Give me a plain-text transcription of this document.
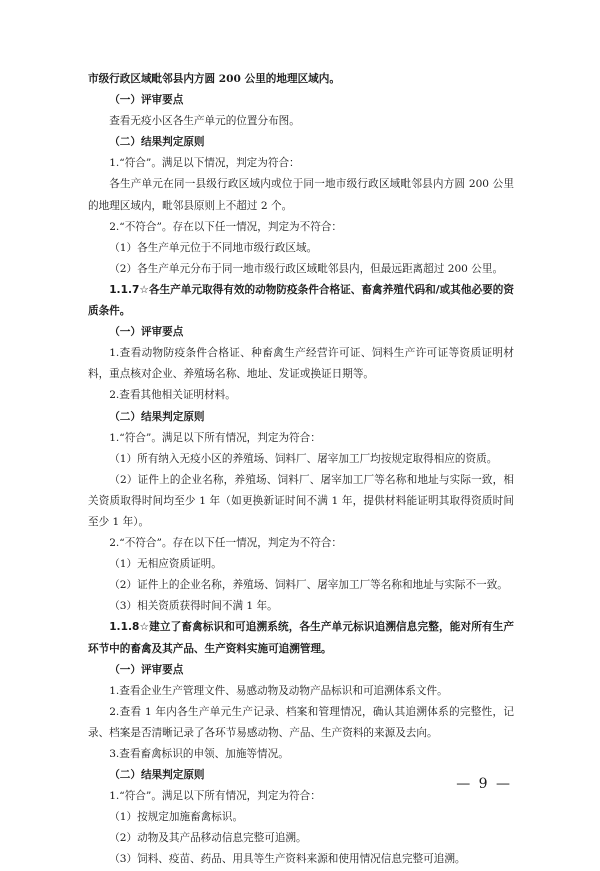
市级行政区域毗邻县内方圆 200 公里的地理区域内。

（一）评审要点

查看无疫小区各生产单元的位置分布图。

（二）结果判定原则

1.“符合”。满足以下情况，判定为符合：

各生产单元在同一县级行政区域内或位于同一地市级行政区域毗邻县内方圆 200 公里的地理区域内，毗邻县原则上不超过 2 个。

2.“不符合”。存在以下任一情况，判定为不符合：

（1）各生产单元位于不同地市级行政区域。

（2）各生产单元分布于同一地市级行政区域毗邻县内，但最远距离超过 200 公里。

1.1.7☆各生产单元取得有效的动物防疫条件合格证、畜禽养殖代码和/或其他必要的资质条件。

（一）评审要点

1.查看动物防疫条件合格证、种畜禽生产经营许可证、饲料生产许可证等资质证明材料，重点核对企业、养殖场名称、地址、发证或换证日期等。

2.查看其他相关证明材料。

（二）结果判定原则

1.“符合”。满足以下所有情况，判定为符合：

（1）所有纳入无疫小区的养殖场、饲料厂、屠宰加工厂均按规定取得相应的资质。

（2）证件上的企业名称，养殖场、饲料厂、屠宰加工厂等名称和地址与实际一致，相关资质取得时间均至少 1 年（如更换新证时间不满 1 年，提供材料能证明其取得资质时间至少 1 年）。

2.“不符合”。存在以下任一情况，判定为不符合：

（1）无相应资质证明。

（2）证件上的企业名称，养殖场、饲料厂、屠宰加工厂等名称和地址与实际不一致。

（3）相关资质获得时间不满 1 年。

1.1.8☆建立了畜禽标识和可追溯系统，各生产单元标识追溯信息完整，能对所有生产环节中的畜禽及其产品、生产资料实施可追溯管理。

（一）评审要点

1.查看企业生产管理文件、易感动物及动物产品标识和可追溯体系文件。

2.查看 1 年内各生产单元生产记录、档案和管理情况，确认其追溯体系的完整性，记录、档案是否清晰记录了各环节易感动物、产品、生产资料的来源及去向。

3.查看畜禽标识的申领、加施等情况。

（二）结果判定原则

1.“符合”。满足以下所有情况，判定为符合：

（1）按规定加施畜禽标识。

（2）动物及其产品移动信息完整可追溯。

（3）饲料、疫苗、药品、用具等生产资料来源和使用情况信息完整可追溯。

— 9 —
